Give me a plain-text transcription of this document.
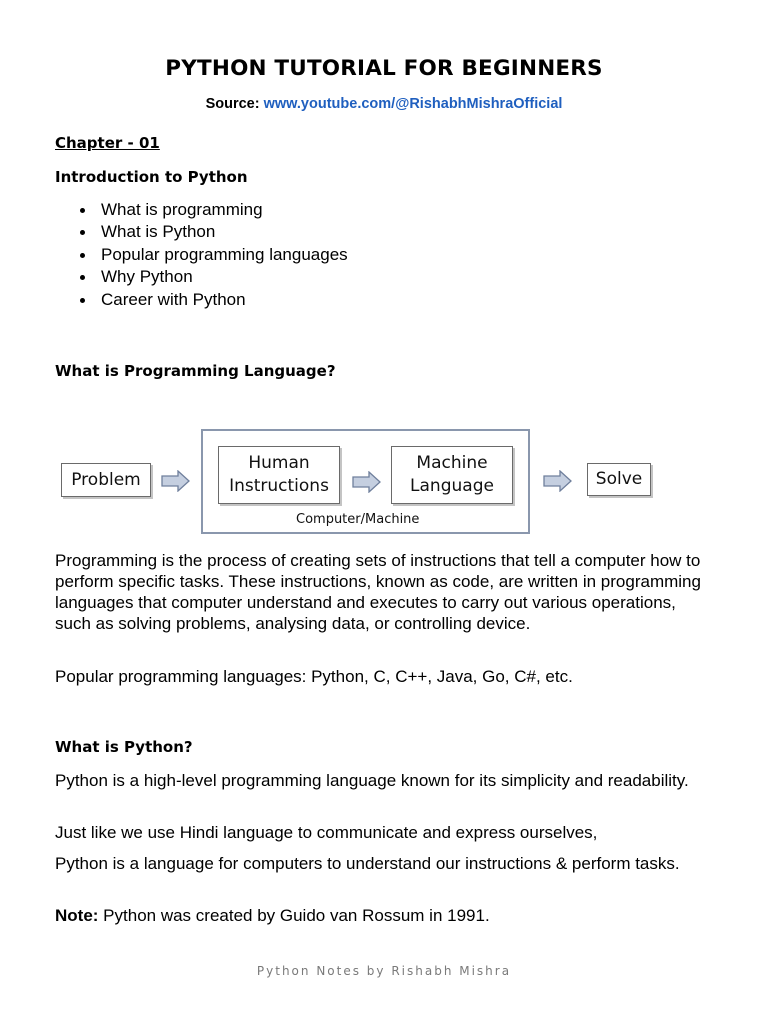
PYTHON TUTORIAL FOR BEGINNERS
Source: www.youtube.com/@RishabhMishraOfficial
Chapter - 01
Introduction to Python
What is programming
What is Python
Popular programming languages
Why Python
Career with Python
What is Programming Language?
Computer/Machine
Problem
Human
Instructions
Machine
Language	Solve

Programming is the process of creating sets of instructions that tell a computer how to perform specific tasks. These instructions, known as code, are written in programming languages that computer understand and executes to carry out various operations, such as solving problems, analysing data, or controlling device.

Popular programming languages: Python, C, C++, Java, Go, C#, etc.

What is Python?

Python is a high-level programming language known for its simplicity and readability.

Just like we use Hindi language to communicate and express ourselves,

Python is a language for computers to understand our instructions & perform tasks.

Note: Python was created by Guido van Rossum in 1991.

Python Notes by Rishabh Mishra
